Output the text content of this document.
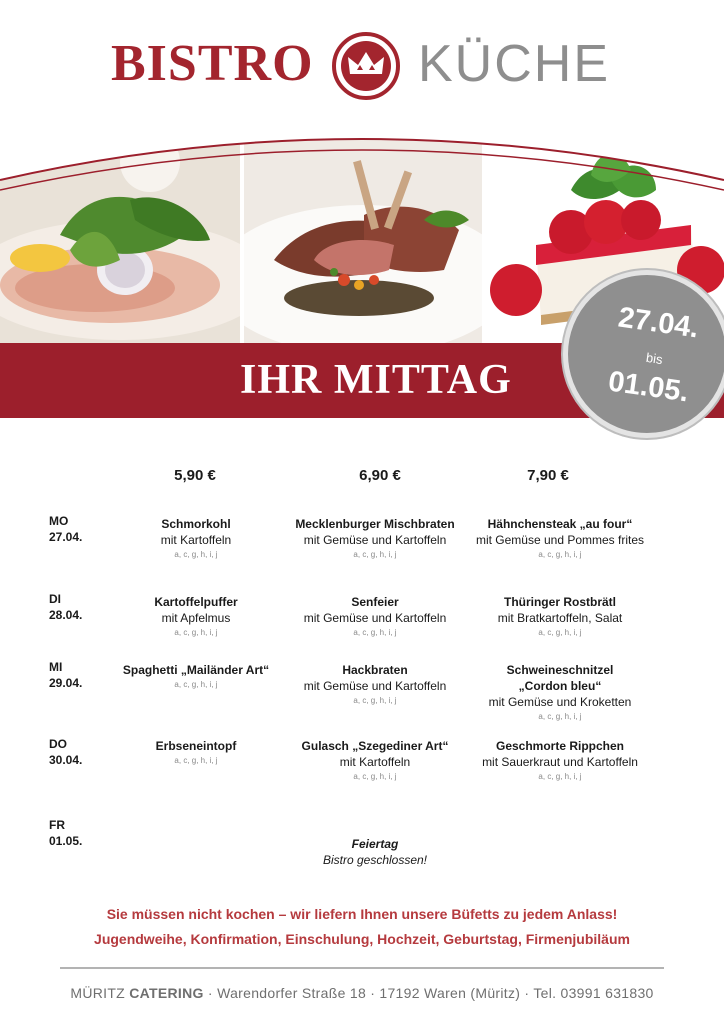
BISTRO KÜCHE
IHR MITTAG
27.04.
bis
01.05.
5,90 €	6,90 €	7,90 €
MO
27.04.
DI
28.04.
MI
29.04.
DO
30.04.
FR
01.05.
Schmorkohl
mit Kartoffeln
a, c, g, h, i, j
Mecklenburger Mischbraten
mit Gemüse und Kartoffeln
a, c, g, h, i, j
Hähnchensteak „au four“
mit Gemüse und Pommes frites
a, c, g, h, i, j
Kartoffelpuffer
mit Apfelmus
a, c, g, h, i, j
Senfeier
mit Gemüse und Kartoffeln
a, c, g, h, i, j
Thüringer Rostbrätl
mit Bratkartoffeln, Salat
a, c, g, h, i, j
Spaghetti „Mailänder Art“
a, c, g, h, i, j
Hackbraten
mit Gemüse und Kartoffeln
a, c, g, h, i, j
Schweineschnitzel
„Cordon bleu“
mit Gemüse und Kroketten
a, c, g, h, i, j
Erbseneintopf
a, c, g, h, i, j
Gulasch „Szegediner Art“
mit Kartoffeln
a, c, g, h, i, j
Geschmorte Rippchen
mit Sauerkraut und Kartoffeln
a, c, g, h, i, j
Feiertag
Bistro geschlossen!
Sie müssen nicht kochen – wir liefern Ihnen unsere Büfetts zu jedem Anlass!
Jugendweihe, Konfirmation, Einschulung, Hochzeit, Geburtstag, Firmenjubiläum
MÜRITZ CATERING · Warendorfer Straße 18 · 17192 Waren (Müritz) · Tel. 03991 631830
